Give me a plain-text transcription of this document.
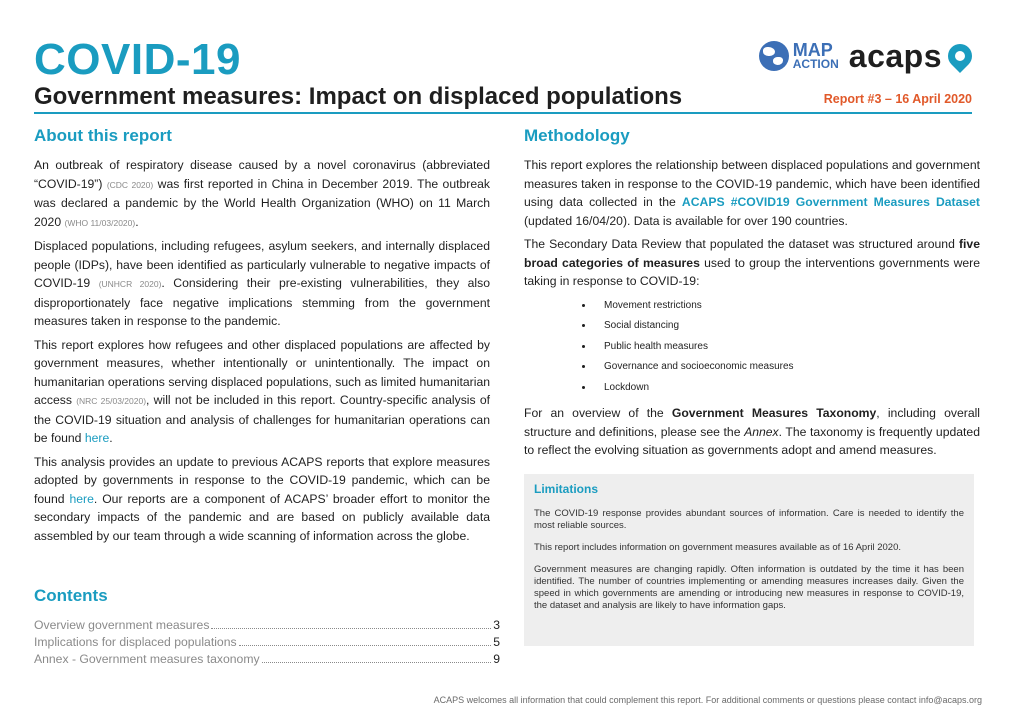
COVID-19
Government measures: Impact on displaced populations
MAP
ACTION acaps
Report #3 – 16 April 2020
About this report

An outbreak of respiratory disease caused by a novel coronavirus (abbreviated “COVID-19”) (CDC 2020) was first reported in China in December 2019. The outbreak was declared a pandemic by the World Health Organization (WHO) on 11 March 2020 (WHO 11/03/2020).

Displaced populations, including refugees, asylum seekers, and internally displaced people (IDPs), have been identified as particularly vulnerable to negative impacts of COVID-19 (UNHCR 2020). Considering their pre-existing vulnerabilities, they also disproportionately face negative implications stemming from the government measures taken in response to the pandemic.

This report explores how refugees and other displaced populations are affected by government measures, whether intentionally or unintentionally. The impact on humanitarian operations serving displaced populations, such as limited humanitarian access (NRC 25/03/2020), will not be included in this report. Country-specific analysis of the COVID-19 situation and analysis of challenges for humanitarian operations can be found here.

This analysis provides an update to previous ACAPS reports that explore measures adopted by governments in response to the COVID-19 pandemic, which can be found here. Our reports are a component of ACAPS’ broader effort to monitor the secondary impacts of the pandemic and are based on publicly available data assembled by our team through a wide scanning of information across the globe.

Contents
Overview government measures	3
Implications for displaced populations	5
Annex - Government measures taxonomy	9
Methodology

This report explores the relationship between displaced populations and government measures taken in response to the COVID-19 pandemic, which have been identified using data collected in the ACAPS #COVID19 Government Measures Dataset (updated 16/04/20). Data is available for over 190 countries.

The Secondary Data Review that populated the dataset was structured around five broad categories of measures used to group the interventions governments were taking in response to COVID-19:

• Movement restrictions
• Social distancing
• Public health measures
• Governance and socioeconomic measures
• Lockdown

For an overview of the Government Measures Taxonomy, including overall structure and definitions, please see the Annex. The taxonomy is frequently updated to reflect the evolving situation as governments adopt and amend measures.

Limitations

The COVID-19 response provides abundant sources of information. Care is needed to identify the most reliable sources.

This report includes information on government measures available as of 16 April 2020.

Government measures are changing rapidly. Often information is outdated by the time it has been identified. The number of countries implementing or amending measures increases daily. Given the speed in which governments are amending or introducing new measures in response to COVID-19, the dataset and analysis are likely to have information gaps.

ACAPS welcomes all information that could complement this report. For additional comments or questions please contact info@acaps.org
